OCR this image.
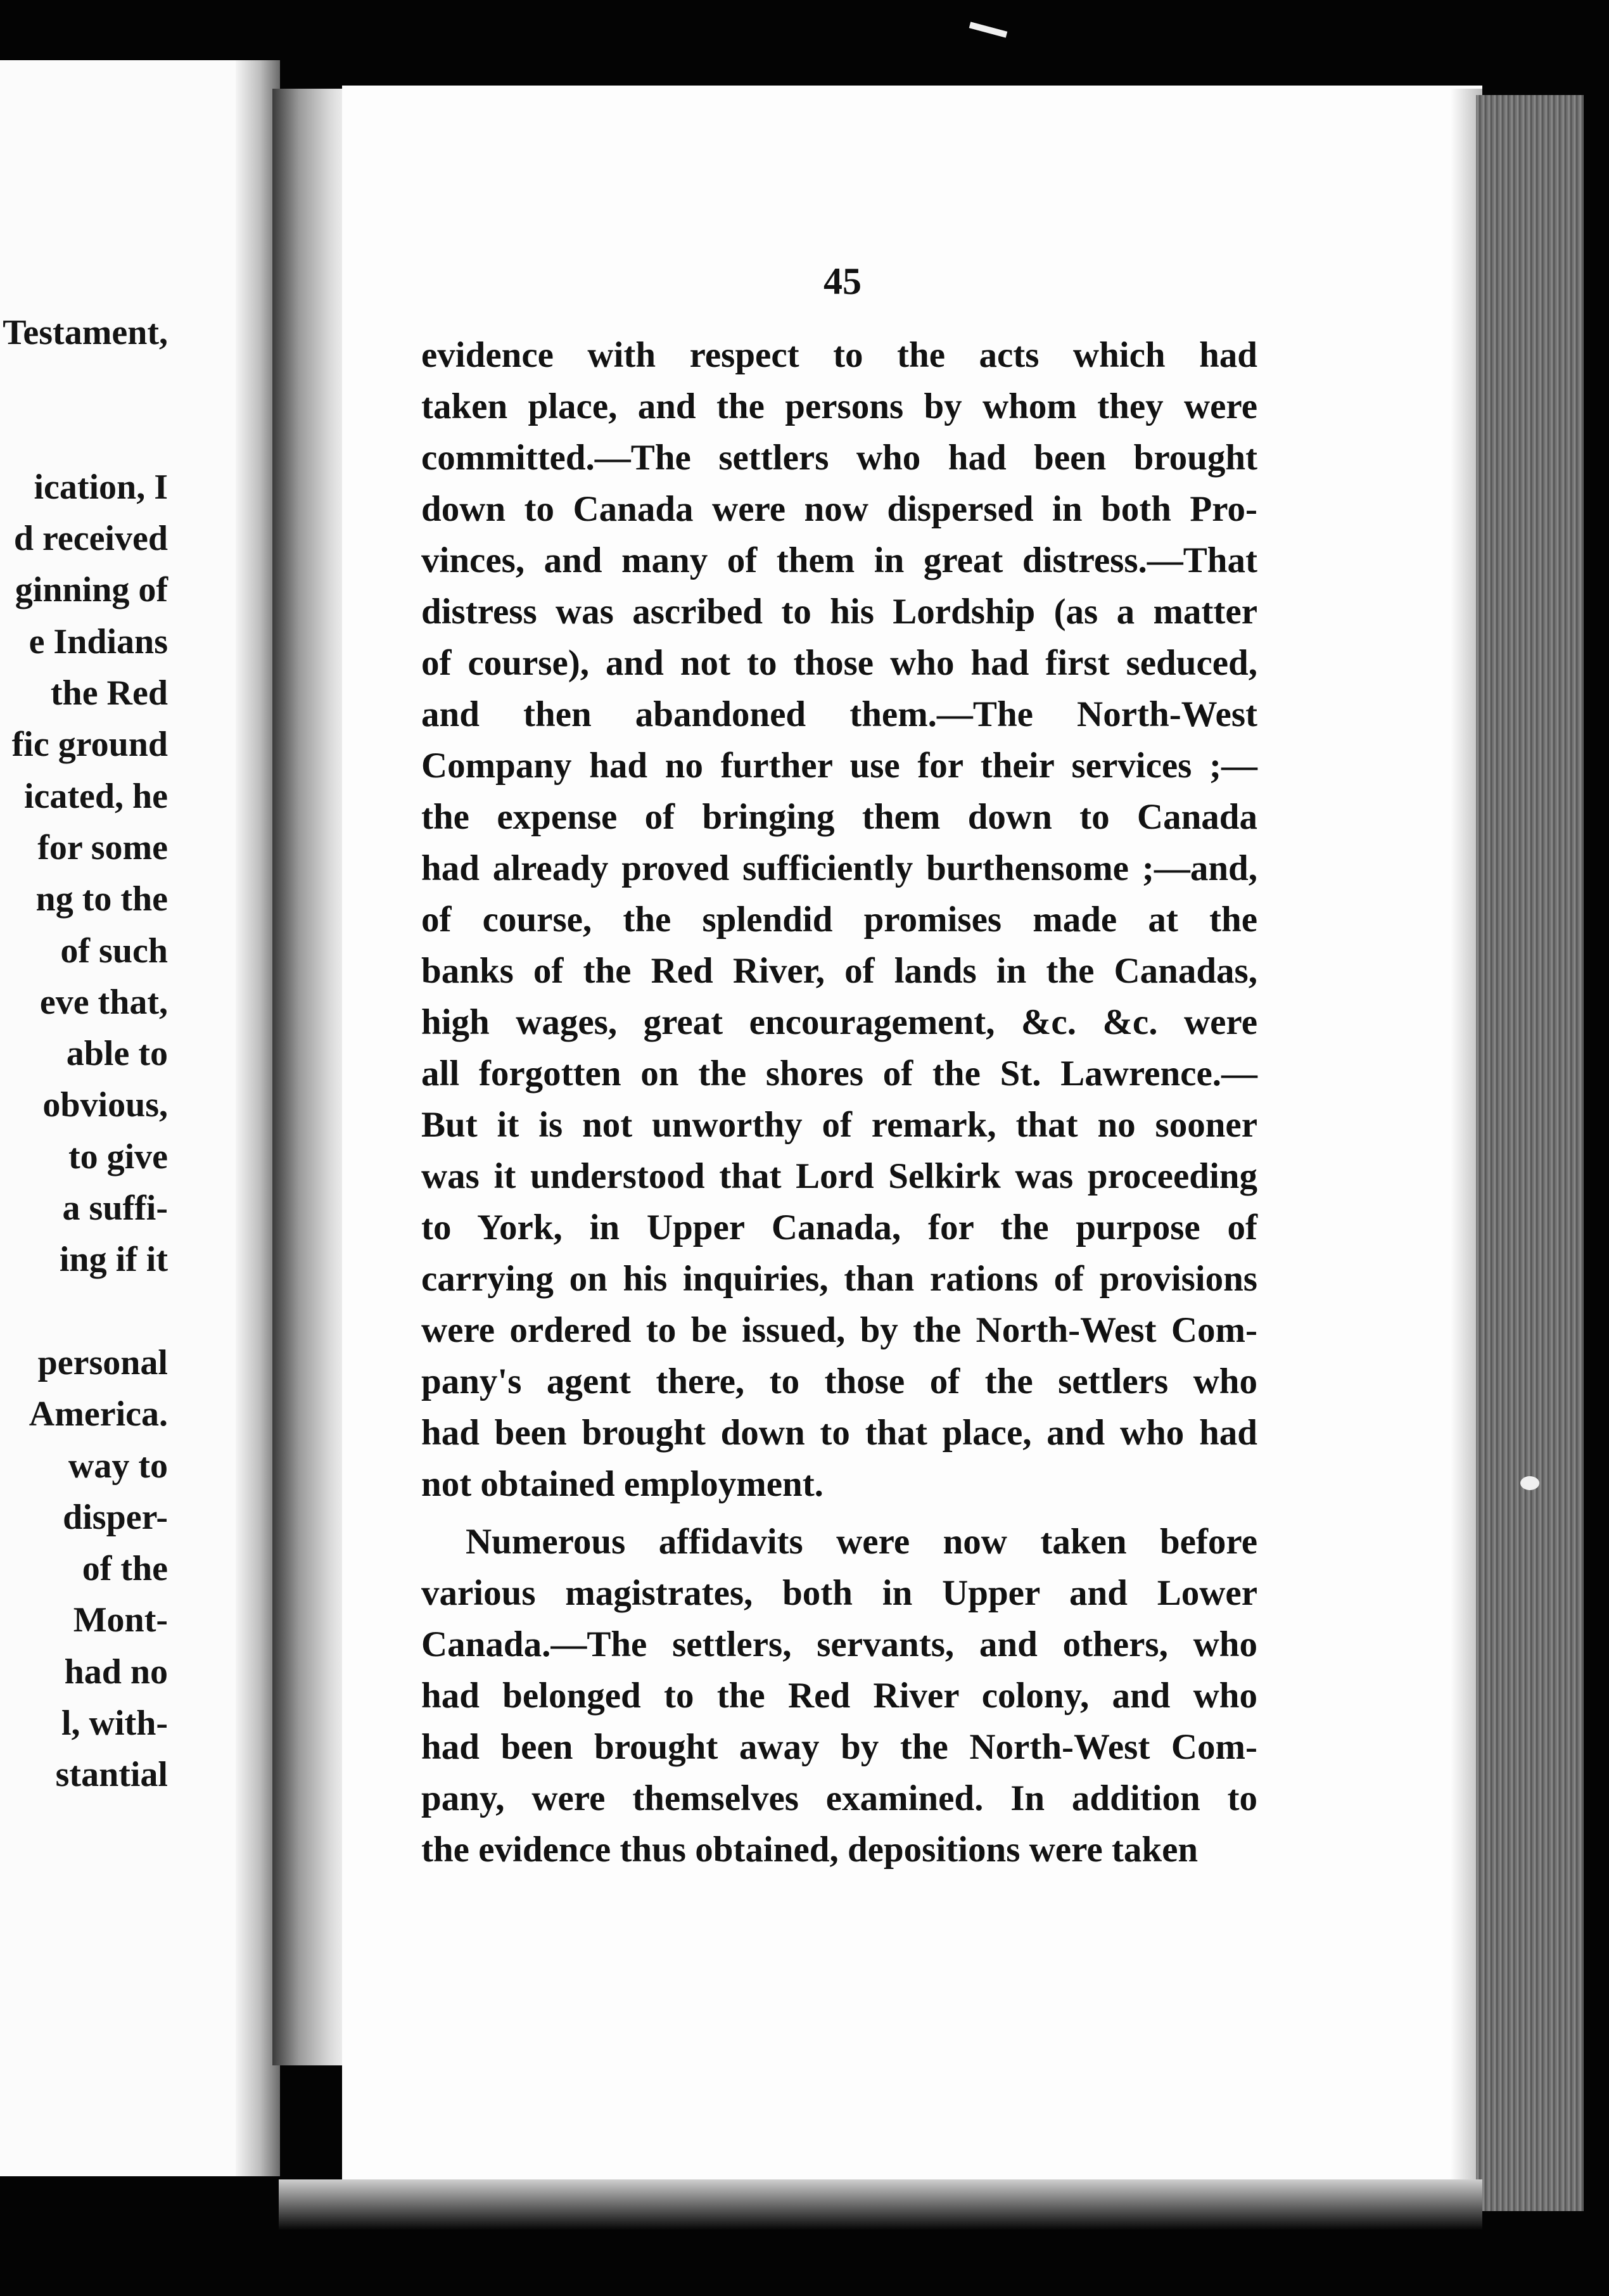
Testament,
ication, I
d received
ginning of
e Indians
the Red
fic ground
icated, he
for some
ng to the
of such
eve that,
able to
obvious,
to give
a suffi-
ing if it
personal
America.
way to
disper-
of the
Mont-
had no
l, with-
stantial
45
evidence with respect to the acts which had
taken place, and the persons by whom they were
committed.—The settlers who had been brought
down to Canada were now dispersed in both Pro-
vinces, and many of them in great distress.—That
distress was ascribed to his Lordship (as a matter
of course), and not to those who had first seduced,
and then abandoned them.—The North-West
Company had no further use for their services ;—
the expense of bringing them down to Canada
had already proved sufficiently burthensome ;—and,
of course, the splendid promises made at the
banks of the Red River, of lands in the Canadas,
high wages, great encouragement, &c. &c. were
all forgotten on the shores of the St. Lawrence.—
But it is not unworthy of remark, that no sooner
was it understood that Lord Selkirk was proceeding
to York, in Upper Canada, for the purpose of
carrying on his inquiries, than rations of provisions
were ordered to be issued, by the North-West Com-
pany's agent there, to those of the settlers who
had been brought down to that place, and who had
not obtained employment.
Numerous affidavits were now taken before
various magistrates, both in Upper and Lower
Canada.—The settlers, servants, and others, who
had belonged to the Red River colony, and who
had been brought away by the North-West Com-
pany, were themselves examined. In addition to
the evidence thus obtained, depositions were taken
